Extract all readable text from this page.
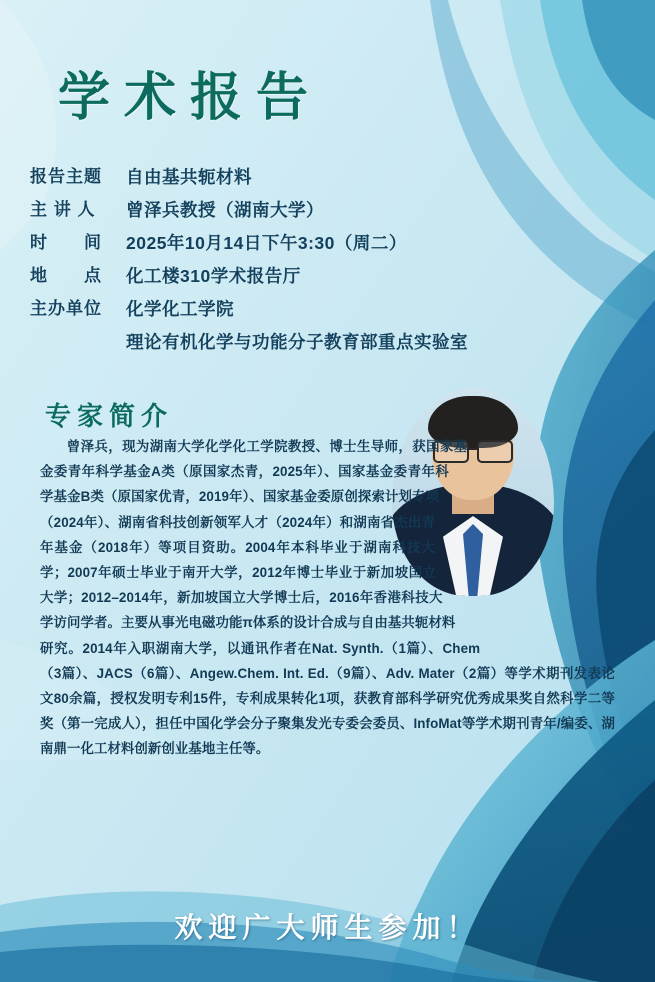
学术报告
报告主题	自由基共轭材料
主 讲 人	曾泽兵教授（湖南大学）
时　　间	2025年10月14日下午3:30（周二）
地　　点	化工楼310学术报告厅
主办单位	化学化工学院
理论有机化学与功能分子教育部重点实验室
专家简介
曾泽兵，现为湖南大学化学化工学院教授、博士生导师，获国家基金委青年科学基金A类（原国家杰青，2025年）、国家基金委青年科学基金B类（原国家优青，2019年）、国家基金委原创探索计划专项（2024年）、湖南省科技创新领军人才（2024年）和湖南省杰出青年基金（2018年）等项目资助。2004年本科毕业于湖南科技大学；2007年硕士毕业于南开大学，2012年博士毕业于新加坡国立大学；2012–2014年，新加坡国立大学博士后，2016年香港科技大学访问学者。主要从事光电磁功能π体系的设计合成与自由基共轭材料研究。2014年入职湖南大学，以通讯作者在Nat. Synth.（1篇）、Chem（3篇）、JACS（6篇）、Angew.Chem. Int. Ed.（9篇）、Adv. Mater（2篇）等学术期刊发表论文80余篇，授权发明专利15件，专利成果转化1项，获教育部科学研究优秀成果奖自然科学二等奖（第一完成人），担任中国化学会分子聚集发光专委会委员、InfoMat等学术期刊青年/编委、湖南鼎一化工材料创新创业基地主任等。
欢迎广大师生参加！
